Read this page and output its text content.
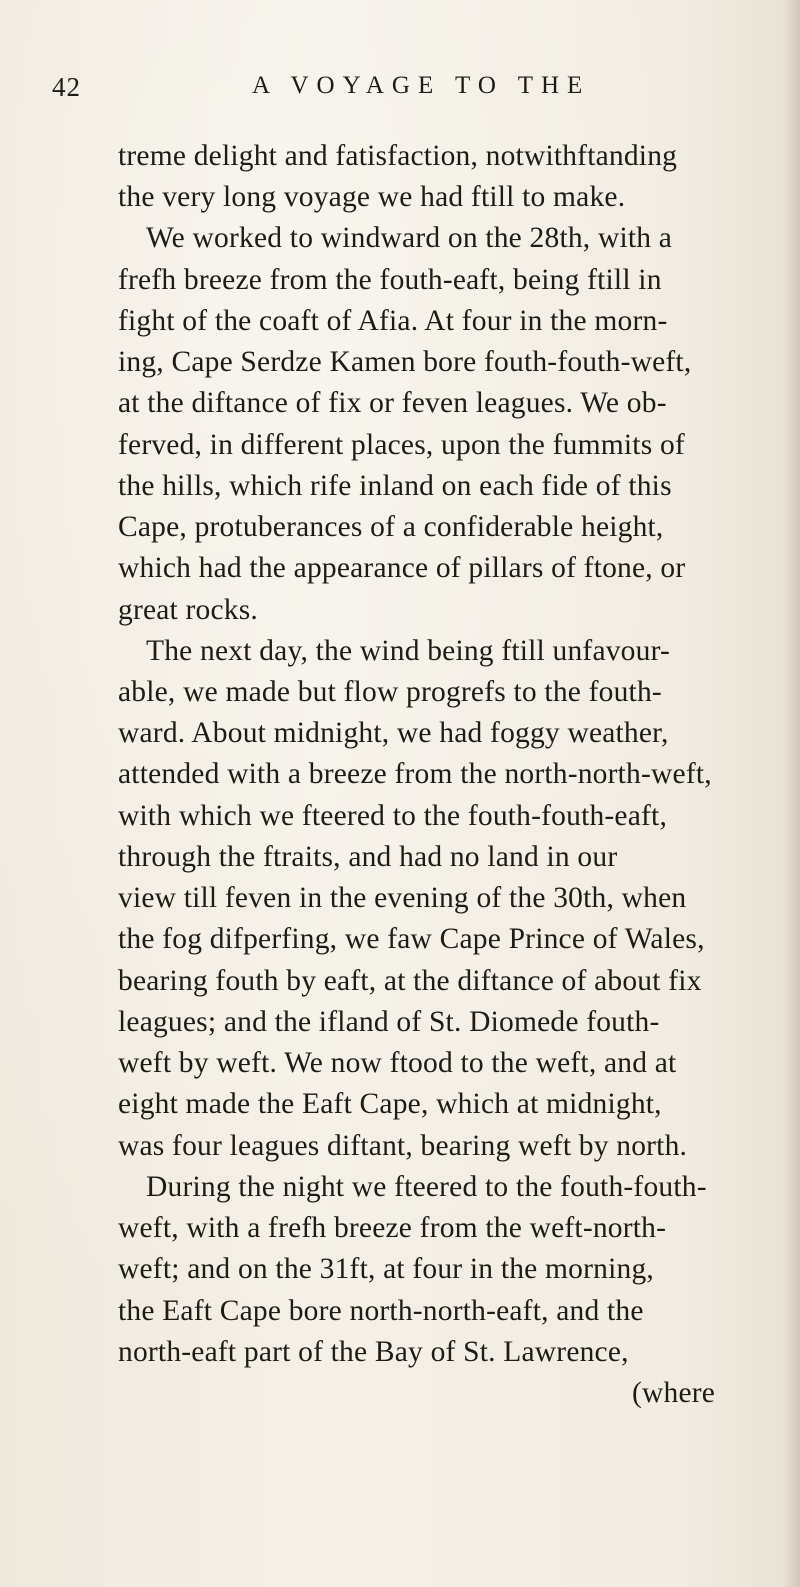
42	A VOYAGE TO THE
treme delight and fatisfaction, notwithftanding
the very long voyage we had ftill to make.
We worked to windward on the 28th, with a
frefh breeze from the fouth-eaft, being ftill in
fight of the coaft of Afia. At four in the morn-
ing, Cape Serdze Kamen bore fouth-fouth-weft,
at the diftance of fix or feven leagues. We ob-
ferved, in different places, upon the fummits of
the hills, which rife inland on each fide of this
Cape, protuberances of a confiderable height,
which had the appearance of pillars of ftone, or
great rocks.
The next day, the wind being ftill unfavour-
able, we made but flow progrefs to the fouth-
ward. About midnight, we had foggy weather,
attended with a breeze from the north-north-weft,
with which we fteered to the fouth-fouth-eaft,
through the ftraits, and had no land in our
view till feven in the evening of the 30th, when
the fog difperfing, we faw Cape Prince of Wales,
bearing fouth by eaft, at the diftance of about fix
leagues; and the ifland of St. Diomede fouth-
weft by weft. We now ftood to the weft, and at
eight made the Eaft Cape, which at midnight,
was four leagues diftant, bearing weft by north.
During the night we fteered to the fouth-fouth-
weft, with a frefh breeze from the weft-north-
weft; and on the 31ft, at four in the morning,
the Eaft Cape bore north-north-eaft, and the
north-eaft part of the Bay of St. Lawrence,
(where
